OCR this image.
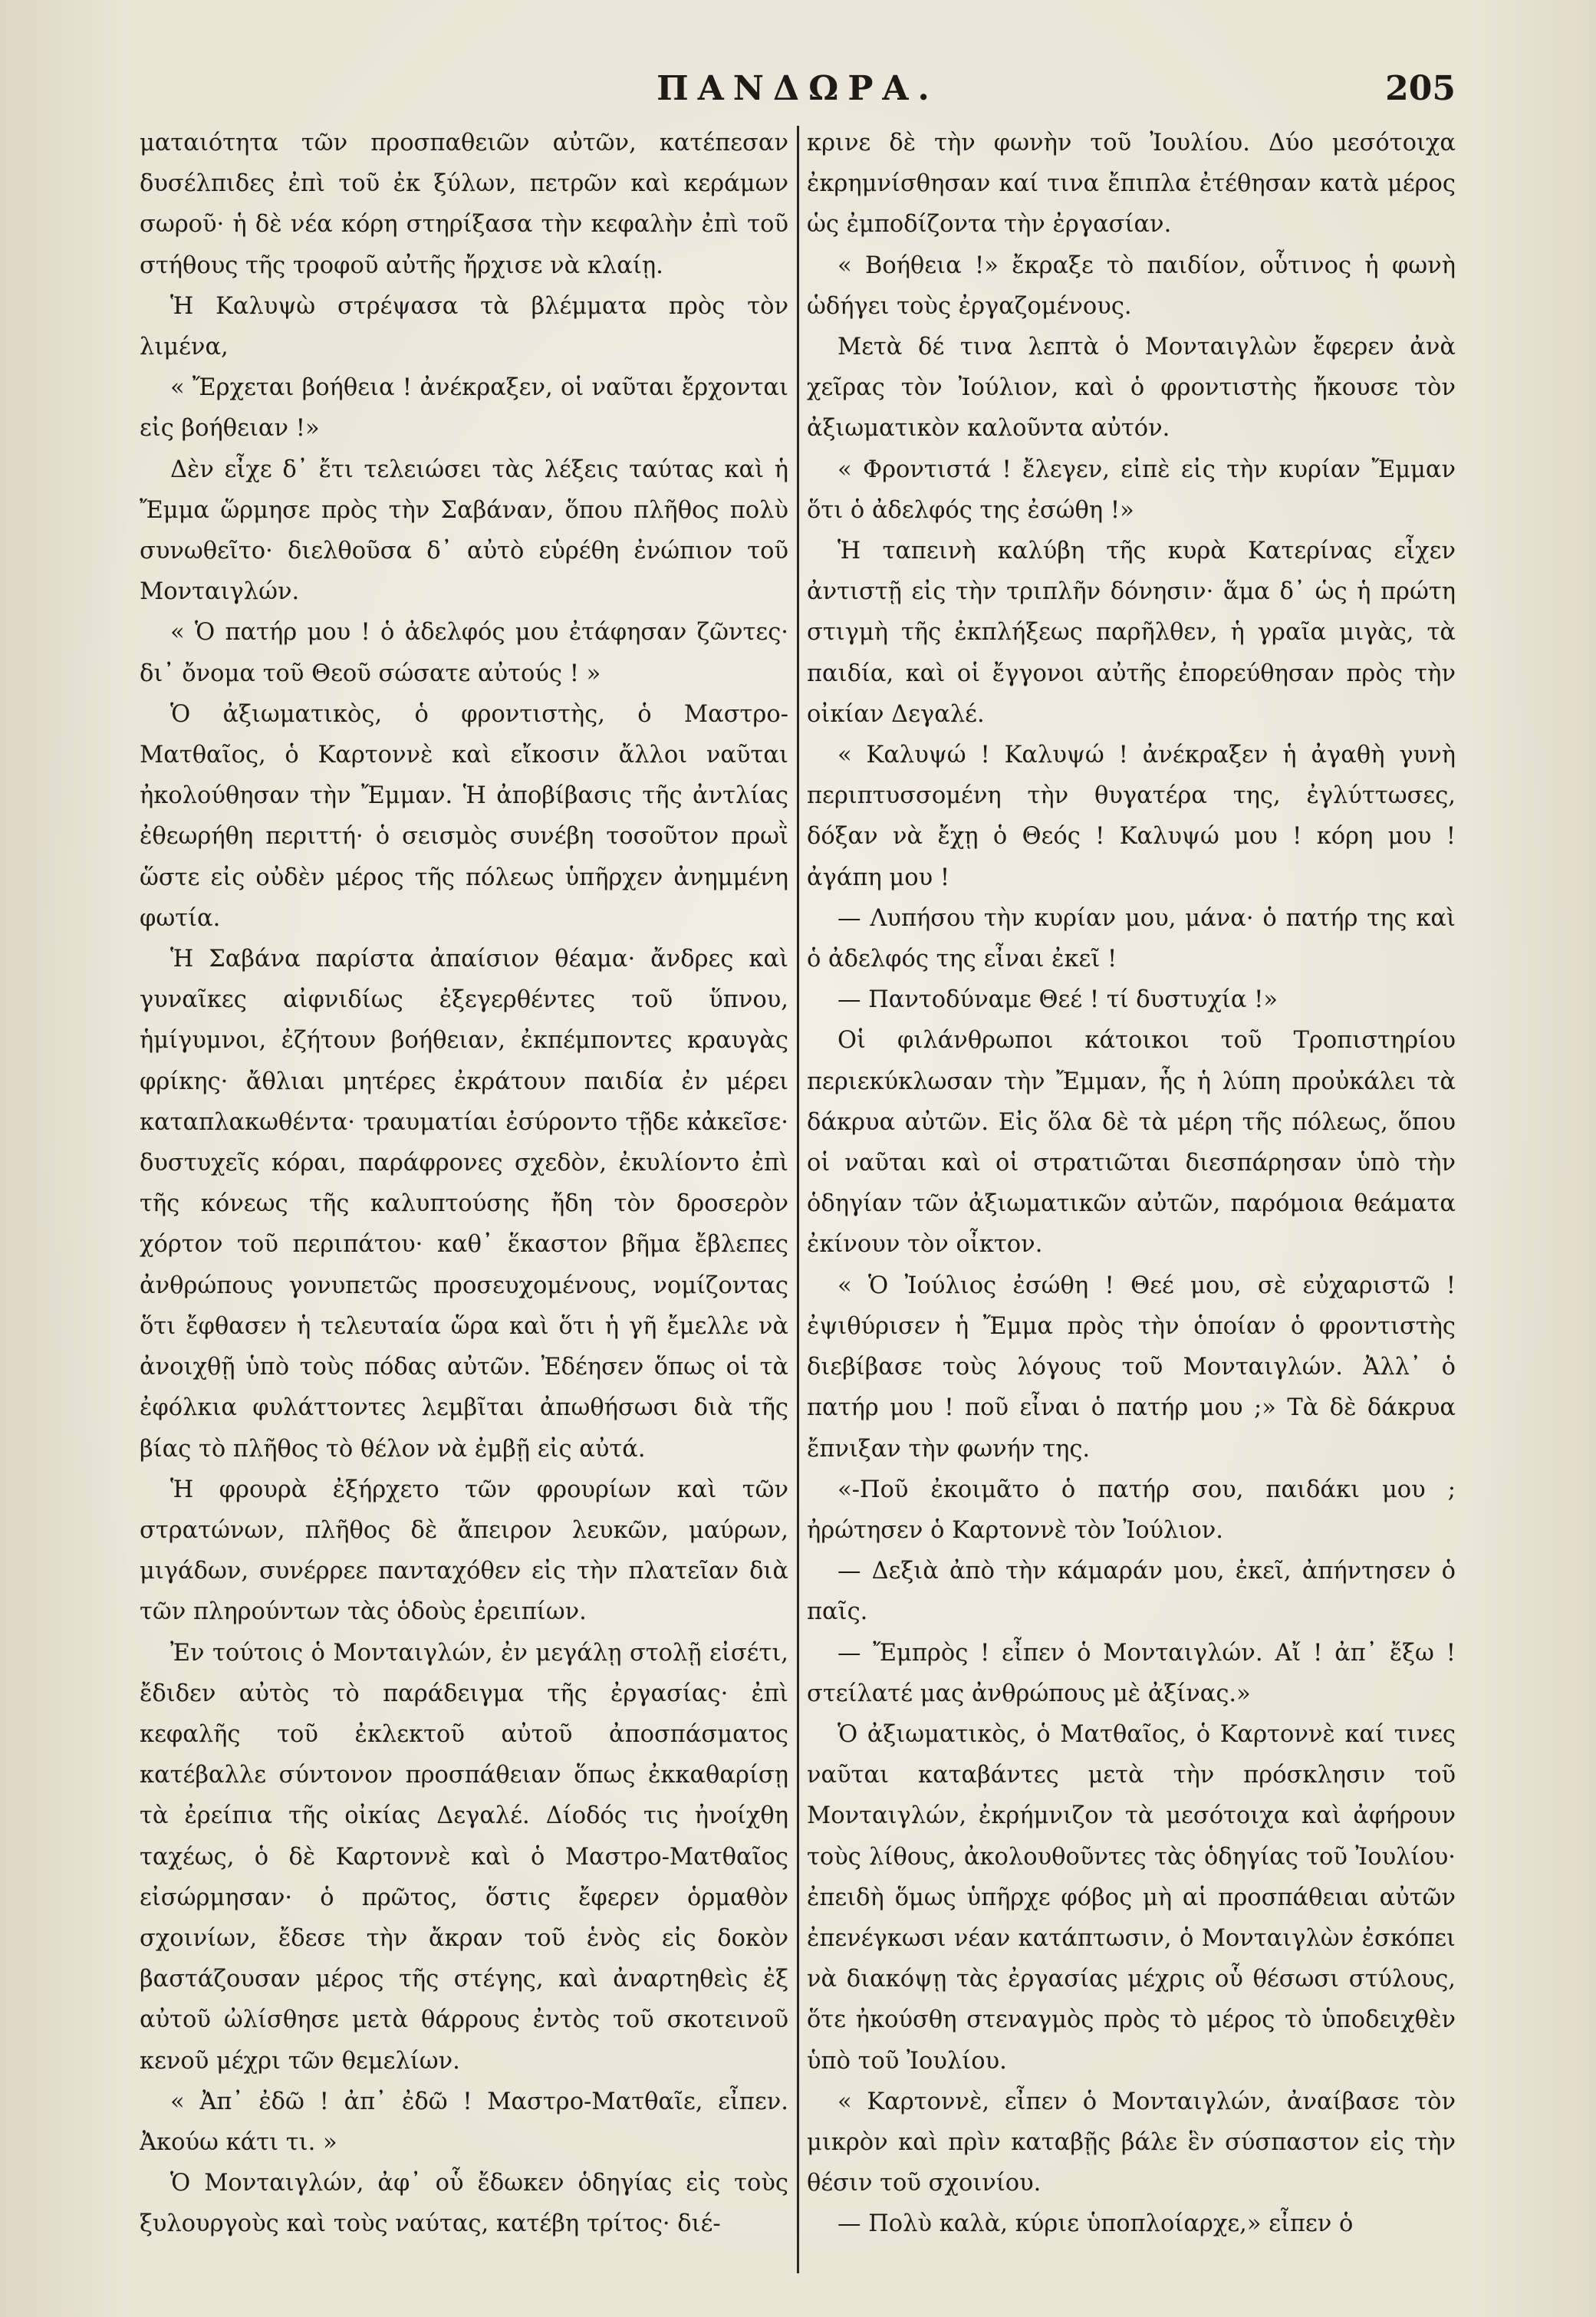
ΠΑΝΔΩΡΑ.	205

ματαιότητα τῶν προσπαθειῶν αὐτῶν, κατέπεσαν δυσέλπιδες ἐπὶ τοῦ ἐκ ξύλων, πετρῶν καὶ κεράμων σωροῦ· ἡ δὲ νέα κόρη στηρίξασα τὴν κεφαλὴν ἐπὶ τοῦ στήθους τῆς τροφοῦ αὐτῆς ἤρχισε νὰ κλαίῃ.

Ἡ Καλυψὼ στρέψασα τὰ βλέμματα πρὸς τὸν λιμένα,

« Ἔρχεται βοήθεια ! ἀνέκραξεν, οἱ ναῦται ἔρχονται εἰς βοήθειαν !»

Δὲν εἶχε δ᾿ ἔτι τελειώσει τὰς λέξεις ταύτας καὶ ἡ Ἔμμα ὥρμησε πρὸς τὴν Σαβάναν, ὅπου πλῆθος πολὺ συνωθεῖτο· διελθοῦσα δ᾿ αὐτὸ εὑρέθη ἐνώπιον τοῦ Μονταιγλών.

« Ὁ πατήρ μου ! ὁ ἀδελφός μου ἐτάφησαν ζῶντες· δι᾿ ὄνομα τοῦ Θεοῦ σώσατε αὐτούς ! »

Ὁ ἀξιωματικὸς, ὁ φροντιστὴς, ὁ Μαστρο-Ματθαῖος, ὁ Καρτοννὲ καὶ εἴκοσιν ἄλλοι ναῦται ἠκολούθησαν τὴν Ἔμμαν. Ἡ ἀποβίβασις τῆς ἀντλίας ἐθεωρήθη περιττή· ὁ σεισμὸς συνέβη τοσοῦτον πρωῒ ὥστε εἰς οὐδὲν μέρος τῆς πόλεως ὑπῆρχεν ἀνημμένη φωτία.

Ἡ Σαβάνα παρίστα ἀπαίσιον θέαμα· ἄνδρες καὶ γυναῖκες αἰφνιδίως ἐξεγερθέντες τοῦ ὕπνου, ἡμίγυμνοι, ἐζήτουν βοήθειαν, ἐκπέμποντες κραυγὰς φρίκης· ἄθλιαι μητέρες ἐκράτουν παιδία ἐν μέρει καταπλακωθέντα· τραυματίαι ἐσύροντο τῇδε κἀκεῖσε· δυστυχεῖς κόραι, παράφρονες σχεδὸν, ἐκυλίοντο ἐπὶ τῆς κόνεως τῆς καλυπτούσης ἤδη τὸν δροσερὸν χόρτον τοῦ περιπάτου· καθ᾿ ἕκαστον βῆμα ἔβλεπες ἀνθρώπους γονυπετῶς προσευχομένους, νομίζοντας ὅτι ἔφθασεν ἡ τελευταία ὥρα καὶ ὅτι ἡ γῆ ἔμελλε νὰ ἀνοιχθῇ ὑπὸ τοὺς πόδας αὐτῶν. Ἐδέησεν ὅπως οἱ τὰ ἐφόλκια φυλάττοντες λεμβῖται ἀπωθήσωσι διὰ τῆς βίας τὸ πλῆθος τὸ θέλον νὰ ἐμβῇ εἰς αὐτά.

Ἡ φρουρὰ ἐξήρχετο τῶν φρουρίων καὶ τῶν στρατώνων, πλῆθος δὲ ἄπειρον λευκῶν, μαύρων, μιγάδων, συνέρρεε πανταχόθεν εἰς τὴν πλατεῖαν διὰ τῶν πληρούντων τὰς ὁδοὺς ἐρειπίων.

Ἐν τούτοις ὁ Μονταιγλών, ἐν μεγάλῃ στολῇ εἰσέτι, ἔδιδεν αὐτὸς τὸ παράδειγμα τῆς ἐργασίας· ἐπὶ κεφαλῆς τοῦ ἐκλεκτοῦ αὐτοῦ ἀποσπάσματος κατέβαλλε σύντονον προσπάθειαν ὅπως ἐκκαθαρίσῃ τὰ ἐρείπια τῆς οἰκίας Δεγαλέ. Δίοδός τις ἠνοίχθη ταχέως, ὁ δὲ Καρτοννὲ καὶ ὁ Μαστρο-Ματθαῖος εἰσώρμησαν· ὁ πρῶτος, ὅστις ἔφερεν ὁρμαθὸν σχοινίων, ἔδεσε τὴν ἄκραν τοῦ ἑνὸς εἰς δοκὸν βαστάζουσαν μέρος τῆς στέγης, καὶ ἀναρτηθεὶς ἐξ αὐτοῦ ὠλίσθησε μετὰ θάρρους ἐντὸς τοῦ σκοτεινοῦ κενοῦ μέχρι τῶν θεμελίων.

« Ἀπ᾿ ἐδῶ ! ἀπ᾿ ἐδῶ ! Μαστρο-Ματθαῖε, εἶπεν. Ἀκούω κάτι τι. »

Ὁ Μονταιγλών, ἀφ᾿ οὗ ἔδωκεν ὁδηγίας εἰς τοὺς ξυλουργοὺς καὶ τοὺς ναύτας, κατέβη τρίτος· διέ-

κρινε δὲ τὴν φωνὴν τοῦ Ἰουλίου. Δύο μεσότοιχα ἐκρημνίσθησαν καί τινα ἔπιπλα ἐτέθησαν κατὰ μέρος ὡς ἐμποδίζοντα τὴν ἐργασίαν.

« Βοήθεια !» ἔκραξε τὸ παιδίον, οὗτινος ἡ φωνὴ ὡδήγει τοὺς ἐργαζομένους.

Μετὰ δέ τινα λεπτὰ ὁ Μονταιγλὼν ἔφερεν ἀνὰ χεῖρας τὸν Ἰούλιον, καὶ ὁ φροντιστὴς ἤκουσε τὸν ἀξιωματικὸν καλοῦντα αὐτόν.

« Φροντιστά ! ἔλεγεν, εἰπὲ εἰς τὴν κυρίαν Ἔμμαν ὅτι ὁ ἀδελφός της ἐσώθη !»

Ἡ ταπεινὴ καλύβη τῆς κυρὰ Κατερίνας εἶχεν ἀντιστῇ εἰς τὴν τριπλῆν δόνησιν· ἅμα δ᾿ ὡς ἡ πρώτη στιγμὴ τῆς ἐκπλήξεως παρῆλθεν, ἡ γραῖα μιγὰς, τὰ παιδία, καὶ οἱ ἔγγονοι αὐτῆς ἐπορεύθησαν πρὸς τὴν οἰκίαν Δεγαλέ.

« Καλυψώ ! Καλυψώ ! ἀνέκραξεν ἡ ἀγαθὴ γυνὴ περιπτυσσομένη τὴν θυγατέρα της, ἐγλύττωσες, δόξαν νὰ ἔχῃ ὁ Θεός ! Καλυψώ μου ! κόρη μου ! ἀγάπη μου !

— Λυπήσου τὴν κυρίαν μου, μάνα· ὁ πατήρ της καὶ ὁ ἀδελφός της εἶναι ἐκεῖ !

— Παντοδύναμε Θεέ ! τί δυστυχία !»

Οἱ φιλάνθρωποι κάτοικοι τοῦ Τροπιστηρίου περιεκύκλωσαν τὴν Ἔμμαν, ἧς ἡ λύπη προὐκάλει τὰ δάκρυα αὐτῶν. Εἰς ὅλα δὲ τὰ μέρη τῆς πόλεως, ὅπου οἱ ναῦται καὶ οἱ στρατιῶται διεσπάρησαν ὑπὸ τὴν ὁδηγίαν τῶν ἀξιωματικῶν αὐτῶν, παρόμοια θεάματα ἐκίνουν τὸν οἶκτον.

« Ὁ Ἰούλιος ἐσώθη ! Θεέ μου, σὲ εὐχαριστῶ ! ἐψιθύρισεν ἡ Ἔμμα πρὸς τὴν ὁποίαν ὁ φροντιστὴς διεβίβασε τοὺς λόγους τοῦ Μονταιγλών. Ἀλλ᾿ ὁ πατήρ μου ! ποῦ εἶναι ὁ πατήρ μου ;» Τὰ δὲ δάκρυα ἔπνιξαν τὴν φωνήν της.

«-Ποῦ ἐκοιμᾶτο ὁ πατήρ σου, παιδάκι μου ; ἠρώτησεν ὁ Καρτοννὲ τὸν Ἰούλιον.

— Δεξιὰ ἀπὸ τὴν κάμαράν μου, ἐκεῖ, ἀπήντησεν ὁ παῖς.

— Ἔμπρὸς ! εἶπεν ὁ Μονταιγλών. Αἴ ! ἀπ᾿ ἔξω ! στείλατέ μας ἀνθρώπους μὲ ἀξίνας.»

Ὁ ἀξιωματικὸς, ὁ Ματθαῖος, ὁ Καρτοννὲ καί τινες ναῦται καταβάντες μετὰ τὴν πρόσκλησιν τοῦ Μονταιγλών, ἐκρήμνιζον τὰ μεσότοιχα καὶ ἀφήρουν τοὺς λίθους, ἀκολουθοῦντες τὰς ὁδηγίας τοῦ Ἰουλίου· ἐπειδὴ ὅμως ὑπῆρχε φόβος μὴ αἱ προσπάθειαι αὐτῶν ἐπενέγκωσι νέαν κατάπτωσιν, ὁ Μονταιγλὼν ἐσκόπει νὰ διακόψῃ τὰς ἐργασίας μέχρις οὗ θέσωσι στύλους, ὅτε ἠκούσθη στεναγμὸς πρὸς τὸ μέρος τὸ ὑποδειχθὲν ὑπὸ τοῦ Ἰουλίου.

« Καρτοννὲ, εἶπεν ὁ Μονταιγλών, ἀναίβασε τὸν μικρὸν καὶ πρὶν καταβῇς βάλε ἓν σύσπαστον εἰς τὴν θέσιν τοῦ σχοινίου.

— Πολὺ καλὰ, κύριε ὑποπλοίαρχε,» εἶπεν ὁ
